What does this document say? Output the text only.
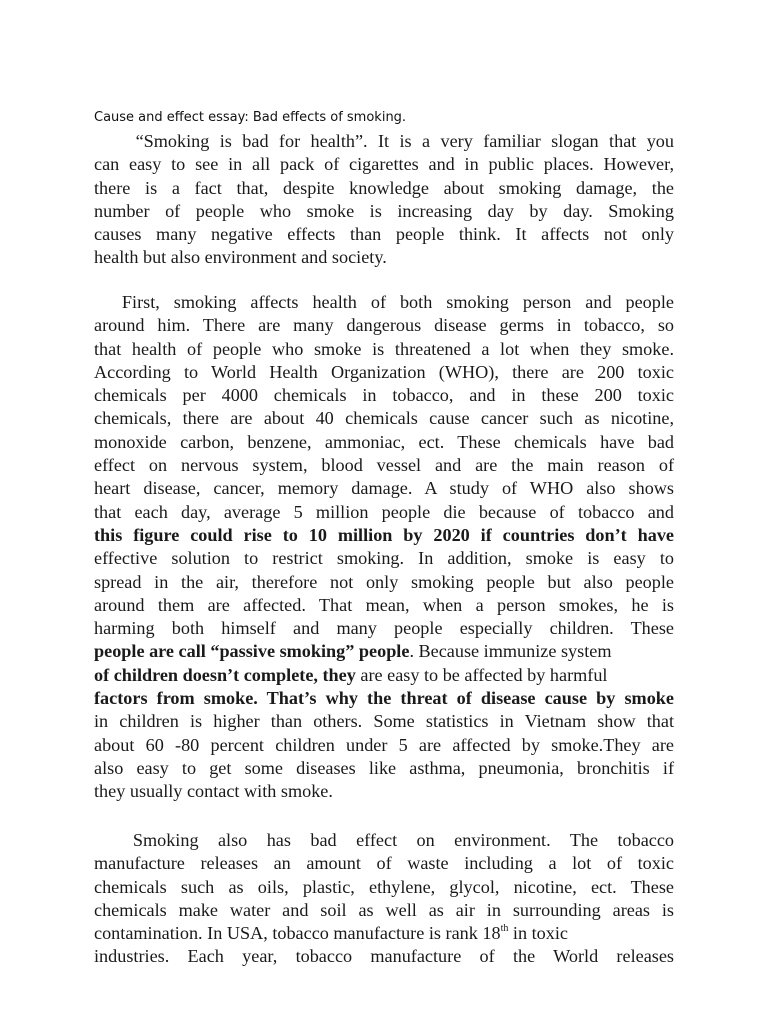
Cause and effect essay: Bad effects of smoking.
“Smoking is bad for health”. It is a very familiar slogan that you
can easy to see in all pack of cigarettes and in public places. However,
there is a fact that, despite knowledge about smoking damage, the
number of people who smoke is increasing day by day. Smoking
causes many negative effects than people think. It affects not only
health but also environment and society.
First, smoking affects health of both smoking person and people
around him. There are many dangerous disease germs in tobacco, so
that health of people who smoke is threatened a lot when they smoke.
According to World Health Organization (WHO), there are 200 toxic
chemicals per 4000 chemicals in tobacco, and in these 200 toxic
chemicals, there are about 40 chemicals cause cancer such as nicotine,
monoxide carbon, benzene, ammoniac, ect. These chemicals have bad
effect on nervous system, blood vessel and are the main reason of
heart disease, cancer, memory damage. A study of WHO also shows
that each day, average 5 million people die because of tobacco and
this figure could rise to 10 million by 2020 if countries don’t have
effective solution to restrict smoking. In addition, smoke is easy to
spread in the air, therefore not only smoking people but also people
around them are affected. That mean, when a person smokes, he is
harming both himself and many people especially children. These
people are call “passive smoking” people. Because immunize system
of children doesn’t complete, they are easy to be affected by harmful
factors from smoke. That’s why the threat of disease cause by smoke
in children is higher than others. Some statistics in Vietnam show that
about 60 -80 percent children under 5 are affected by smoke.They are
also easy to get some diseases like asthma, pneumonia, bronchitis if
they usually contact with smoke.
Smoking also has bad effect on environment. The tobacco
manufacture releases an amount of waste including a lot of toxic
chemicals such as oils, plastic, ethylene, glycol, nicotine, ect. These
chemicals make water and soil as well as air in surrounding areas is
contamination. In USA, tobacco manufacture is rank 18th in toxic
industries. Each year, tobacco manufacture of the World releases
